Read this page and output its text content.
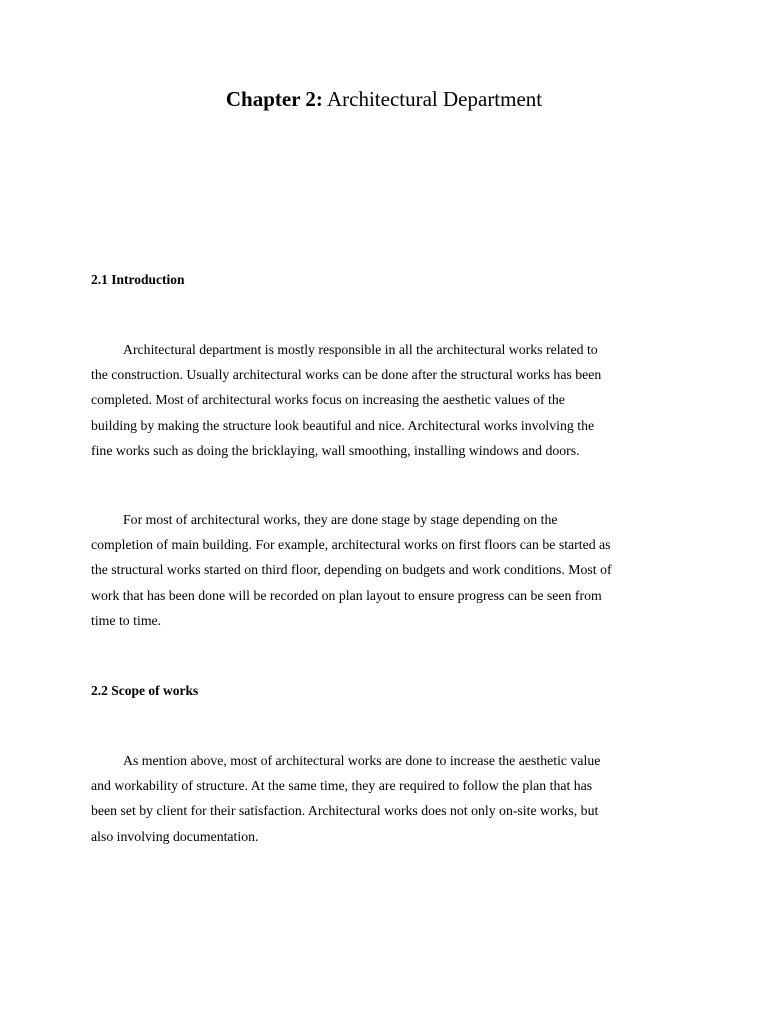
Chapter 2: Architectural Department
2.1 Introduction
Architectural department is mostly responsible in all the architectural works related to
the construction. Usually architectural works can be done after the structural works has been
completed. Most of architectural works focus on increasing the aesthetic values of the
building by making the structure look beautiful and nice. Architectural works involving the
fine works such as doing the bricklaying, wall smoothing, installing windows and doors.
For most of architectural works, they are done stage by stage depending on the
completion of main building. For example, architectural works on first floors can be started as
the structural works started on third floor, depending on budgets and work conditions. Most of
work that has been done will be recorded on plan layout to ensure progress can be seen from
time to time.
2.2 Scope of works
As mention above, most of architectural works are done to increase the aesthetic value
and workability of structure. At the same time, they are required to follow the plan that has
been set by client for their satisfaction. Architectural works does not only on-site works, but
also involving documentation.
